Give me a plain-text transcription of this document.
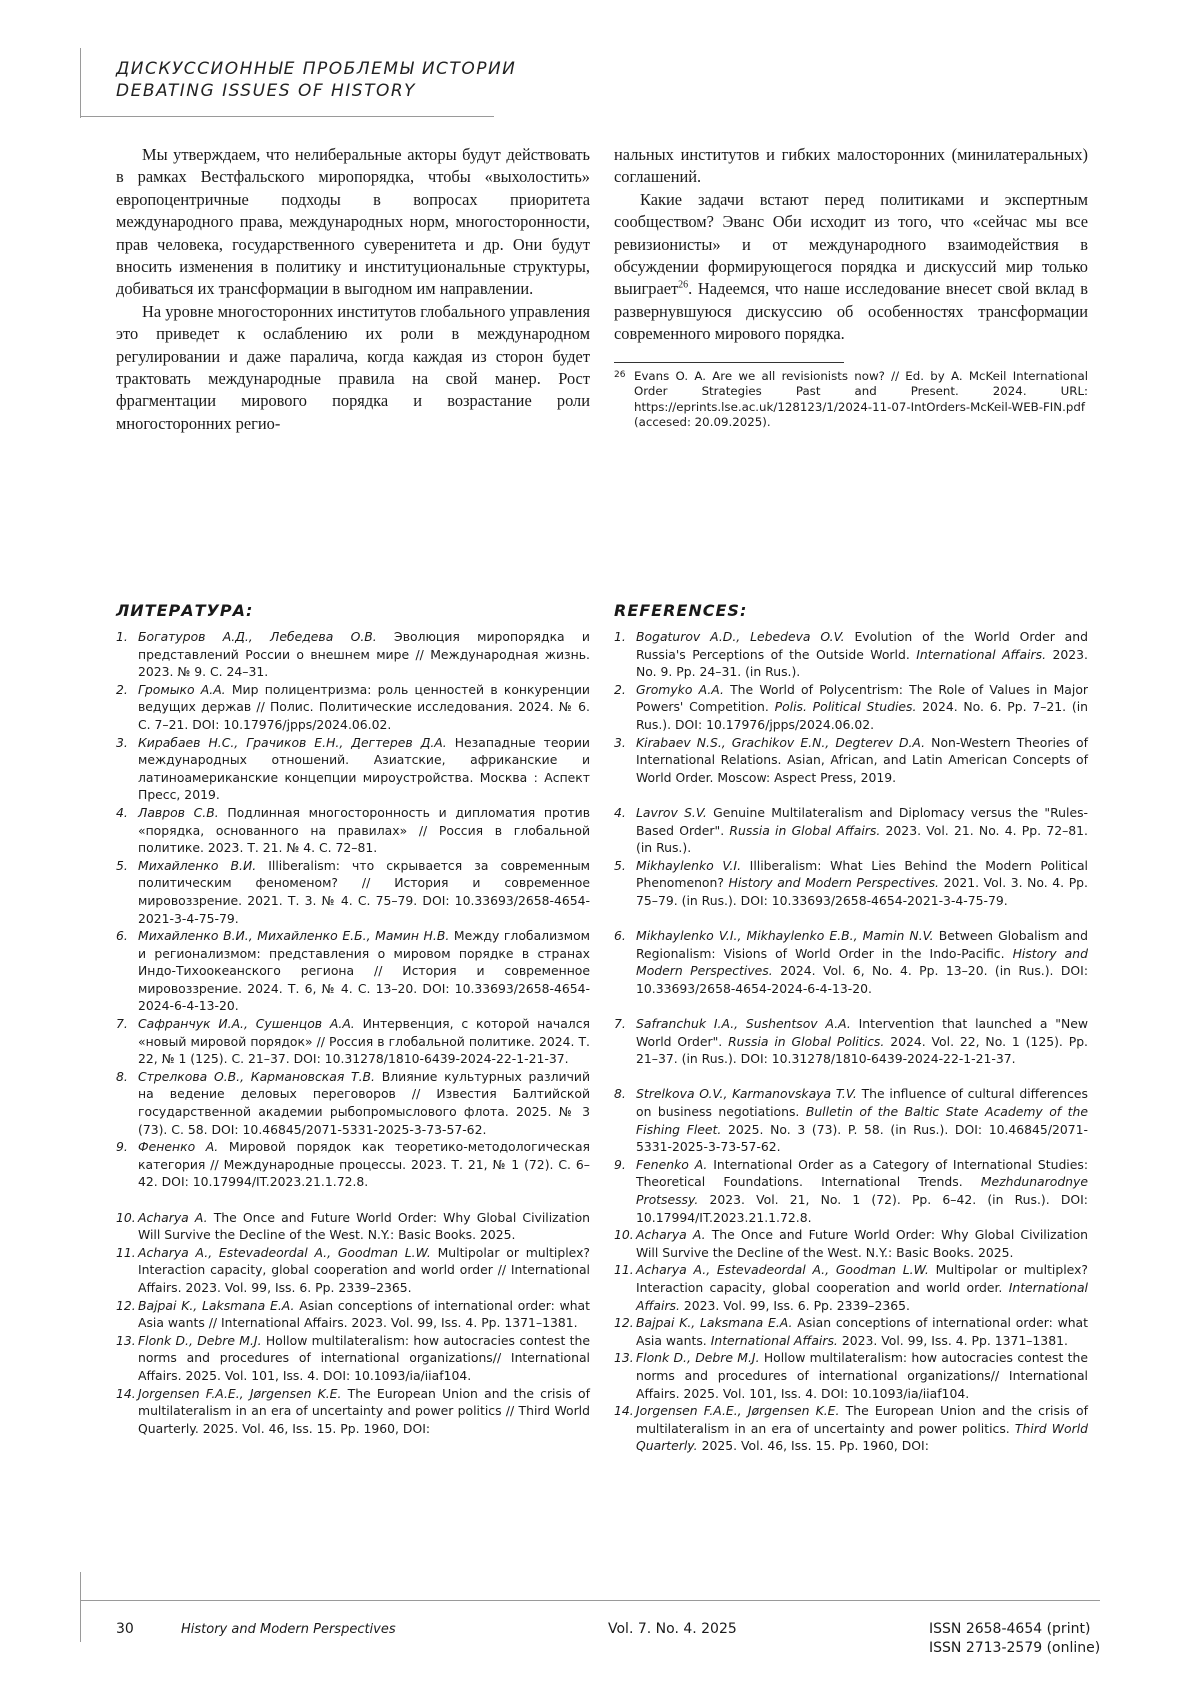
ДИСКУССИОННЫЕ ПРОБЛЕМЫ ИСТОРИИ
DEBATING ISSUES OF HISTORY

Мы утверждаем, что нелиберальные акторы будут действовать в рамках Вестфальского миропорядка, чтобы «выхолостить» европоцентричные подходы в вопросах приоритета международного права, международных норм, многосторонности, прав человека, государственного суверенитета и др. Они будут вносить изменения в политику и институциональные структуры, добиваться их трансформации в выгодном им направлении.

На уровне многосторонних институтов глобального управления это приведет к ослаблению их роли в международном регулировании и даже паралича, когда каждая из сторон будет трактовать международные правила на свой манер. Рост фрагментации мирового порядка и возрастание роли многосторонних регио-

нальных институтов и гибких малосторонних (минилатеральных) соглашений.

Какие задачи встают перед политиками и экспертным сообществом? Эванс Оби исходит из того, что «сейчас мы все ревизионисты» и от международного взаимодействия в обсуждении формирующегося порядка и дискуссий мир только выиграет$^{26}$. Надеемся, что наше исследование внесет свой вклад в развернувшуюся дискуссию об особенностях трансформации современного мирового порядка.

26 Evans O. A. Are we all revisionists now? // Ed. by A. McKeil International Order Strategies Past and Present. 2024. URL: https://eprints.lse.ac.uk/128123/1/2024-11-07-IntOrders-McKeil-WEB-FIN.pdf (accesed: 20.09.2025).
ЛИТЕРАТУРА:	REFERENCES:
1. Богатуров А.Д., Лебедева О.В. Эволюция миропорядка и представлений России о внешнем мире // Международная жизнь. 2023. № 9. С. 24–31.
2. Громыко А.А. Мир полицентризма: роль ценностей в конкуренции ведущих держав // Полис. Политические исследования. 2024. № 6. С. 7–21. DOI: 10.17976/jpps/2024.06.02.
3. Кирабаев Н.С., Грачиков Е.Н., Дегтерев Д.А. Незападные теории международных отношений. Азиатские, африканские и латиноамериканские концепции мироустройства. Москва : Аспект Пресс, 2019.
4. Лавров С.В. Подлинная многосторонность и дипломатия против «порядка, основанного на правилах» // Россия в глобальной политике. 2023. Т. 21. № 4. С. 72–81.
5. Михайленко В.И. Illiberalism: что скрывается за современным политическим феноменом? // История и современное мировоззрение. 2021. Т. 3. № 4. С. 75–79. DOI: 10.33693/2658-4654-2021-3-4-75-79.
6. Михайленко В.И., Михайленко Е.Б., Мамин Н.В. Между глобализмом и регионализмом: представления о мировом порядке в странах Индо-Тихоокеанского региона // История и современное мировоззрение. 2024. Т. 6, № 4. С. 13–20. DOI: 10.33693/2658-4654-2024-6-4-13-20.
7. Сафранчук И.А., Сушенцов А.А. Интервенция, с которой начался «новый мировой порядок» // Россия в глобальной политике. 2024. Т. 22, № 1 (125). С. 21–37. DOI: 10.31278/1810-6439-2024-22-1-21-37.
8. Стрелкова О.В., Кармановская Т.В. Влияние культурных различий на ведение деловых переговоров // Известия Балтийской государственной академии рыбопромыслового флота. 2025. № 3 (73). С. 58. DOI: 10.46845/2071-5331-2025-3-73-57-62.
9. Фененко А. Мировой порядок как теоретико-методологическая категория // Международные процессы. 2023. Т. 21, № 1 (72). С. 6–42. DOI: 10.17994/IT.2023.21.1.72.8.
10. Acharya A. The Once and Future World Order: Why Global Civilization Will Survive the Decline of the West. N.Y.: Basic Books. 2025.
11. Acharya A., Estevadeordal A., Goodman L.W. Multipolar or multiplex? Interaction capacity, global cooperation and world order // International Affairs. 2023. Vol. 99, Iss. 6. Pp. 2339–2365.
12. Bajpai K., Laksmana E.A. Asian conceptions of international order: what Asia wants // International Affairs. 2023. Vol. 99, Iss. 4. Pp. 1371–1381.
13. Flonk D., Debre M.J. Hollow multilateralism: how autocracies contest the norms and procedures of international organizations// International Affairs. 2025. Vol. 101, Iss. 4. DOI: 10.1093/ia/iiaf104.
14. Jorgensen F.A.E., Jørgensen K.E. The European Union and the crisis of multilateralism in an era of uncertainty and power politics // Third World Quarterly. 2025. Vol. 46, Iss. 15. Pp. 1960, DOI:
1. Bogaturov A.D., Lebedeva O.V. Evolution of the World Order and Russia's Perceptions of the Outside World. International Affairs. 2023. No. 9. Pp. 24–31. (in Rus.).
2. Gromyko A.A. The World of Polycentrism: The Role of Values in Major Powers' Competition. Polis. Political Studies. 2024. No. 6. Pp. 7–21. (in Rus.). DOI: 10.17976/jpps/2024.06.02.
3. Kirabaev N.S., Grachikov E.N., Degterev D.A. Non-Western Theories of International Relations. Asian, African, and Latin American Concepts of World Order. Moscow: Aspect Press, 2019.
4. Lavrov S.V. Genuine Multilateralism and Diplomacy versus the "Rules-Based Order". Russia in Global Affairs. 2023. Vol. 21. No. 4. Pp. 72–81. (in Rus.).
5. Mikhaylenko V.I. Illiberalism: What Lies Behind the Modern Political Phenomenon? History and Modern Perspectives. 2021. Vol. 3. No. 4. Pp. 75–79. (in Rus.). DOI: 10.33693/2658-4654-2021-3-4-75-79.
6. Mikhaylenko V.I., Mikhaylenko E.B., Mamin N.V. Between Globalism and Regionalism: Visions of World Order in the Indo-Pacific. History and Modern Perspectives. 2024. Vol. 6, No. 4. Pp. 13–20. (in Rus.). DOI: 10.33693/2658-4654-2024-6-4-13-20.
7. Safranchuk I.A., Sushentsov A.A. Intervention that launched a "New World Order". Russia in Global Politics. 2024. Vol. 22, No. 1 (125). Pp. 21–37. (in Rus.). DOI: 10.31278/1810-6439-2024-22-1-21-37.
8. Strelkova O.V., Karmanovskaya T.V. The influence of cultural differences on business negotiations. Bulletin of the Baltic State Academy of the Fishing Fleet. 2025. No. 3 (73). P. 58. (in Rus.). DOI: 10.46845/2071-5331-2025-3-73-57-62.
9. Fenenko A. International Order as a Category of International Studies: Theoretical Foundations. International Trends. Mezhdunarodnye Protsessy. 2023. Vol. 21, No. 1 (72). Pp. 6–42. (in Rus.). DOI: 10.17994/IT.2023.21.1.72.8.
10. Acharya A. The Once and Future World Order: Why Global Civilization Will Survive the Decline of the West. N.Y.: Basic Books. 2025.
11. Acharya A., Estevadeordal A., Goodman L.W. Multipolar or multiplex? Interaction capacity, global cooperation and world order. International Affairs. 2023. Vol. 99, Iss. 6. Pp. 2339–2365.
12. Bajpai K., Laksmana E.A. Asian conceptions of international order: what Asia wants. International Affairs. 2023. Vol. 99, Iss. 4. Pp. 1371–1381.
13. Flonk D., Debre M.J. Hollow multilateralism: how autocracies contest the norms and procedures of international organizations// International Affairs. 2025. Vol. 101, Iss. 4. DOI: 10.1093/ia/iiaf104.
14. Jorgensen F.A.E., Jørgensen K.E. The European Union and the crisis of multilateralism in an era of uncertainty and power politics. Third World Quarterly. 2025. Vol. 46, Iss. 15. Pp. 1960, DOI:
30	History and Modern Perspectives	Vol. 7. No. 4. 2025	ISSN 2658-4654 (print)
ISSN 2713-2579 (online)
